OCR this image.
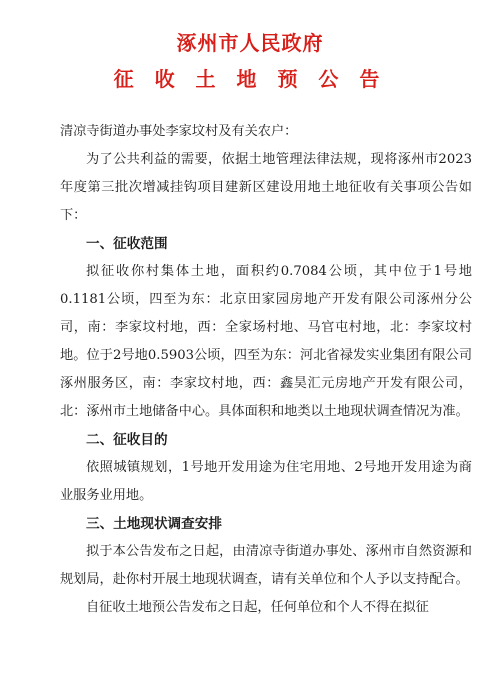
涿州市人民政府
征 收 土 地 预 公 告

清凉寺街道办事处李家坟村及有关农户：

为了公共利益的需要，依据土地管理法律法规，现将涿州市2023年度第三批次增减挂钩项目建新区建设用地土地征收有关事项公告如下：

一、征收范围

拟征收你村集体土地，面积约0.7084公顷，其中位于1号地0.1181公顷，四至为东：北京田家园房地产开发有限公司涿州分公司，南：李家坟村地，西：全家场村地、马官屯村地，北：李家坟村地。位于2号地0.5903公顷，四至为东：河北省禄发实业集团有限公司涿州服务区，南：李家坟村地，西：鑫昊汇元房地产开发有限公司，北：涿州市土地储备中心。具体面积和地类以土地现状调查情况为准。

二、征收目的

依照城镇规划，1号地开发用途为住宅用地、2号地开发用途为商业服务业用地。

三、土地现状调查安排

拟于本公告发布之日起，由清凉寺街道办事处、涿州市自然资源和规划局，赴你村开展土地现状调查，请有关单位和个人予以支持配合。

自征收土地预公告发布之日起，任何单位和个人不得在拟征
